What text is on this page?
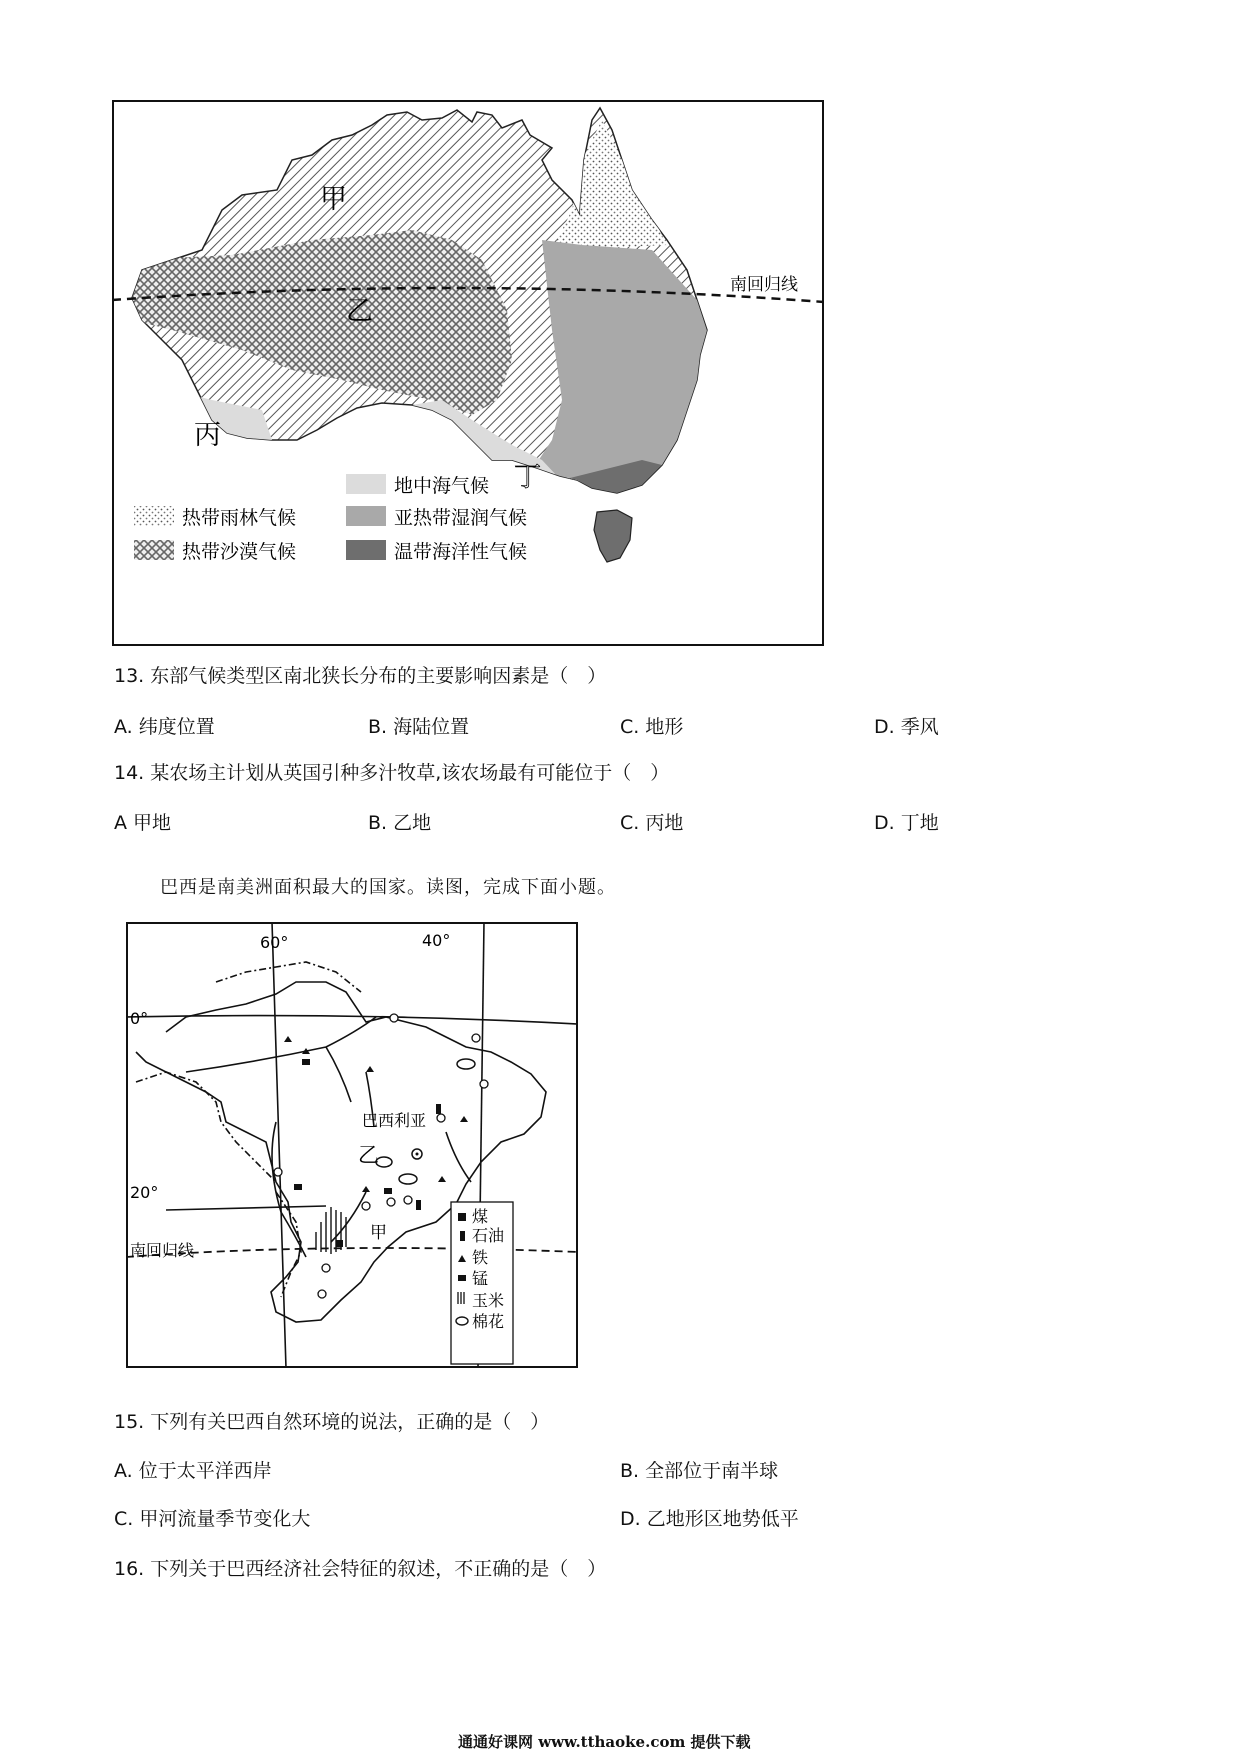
甲
乙
丙
丁
南回归线
热带雨林气候
热带沙漠气候
地中海气候
亚热带湿润气候
温带海洋性气候
13. 东部气候类型区南北狭长分布的主要影响因素是（　）
A. 纬度位置	B. 海陆位置	C. 地形	D. 季风
14. 某农场主计划从英国引种多汁牧草,该农场最有可能位于（　）
A 甲地	B. 乙地	C. 丙地	D. 丁地
巴西是南美洲面积最大的国家。读图，完成下面小题。
60°	40°
0°
20°
南回归线
巴西利亚
乙
甲
煤
石油
铁
锰
玉米
棉花
15. 下列有关巴西自然环境的说法，正确的是（　）
A. 位于太平洋西岸	B. 全部位于南半球
C. 甲河流量季节变化大	D. 乙地形区地势低平
16. 下列关于巴西经济社会特征的叙述，不正确的是（　）
通通好课网 www.tthaoke.com 提供下载
